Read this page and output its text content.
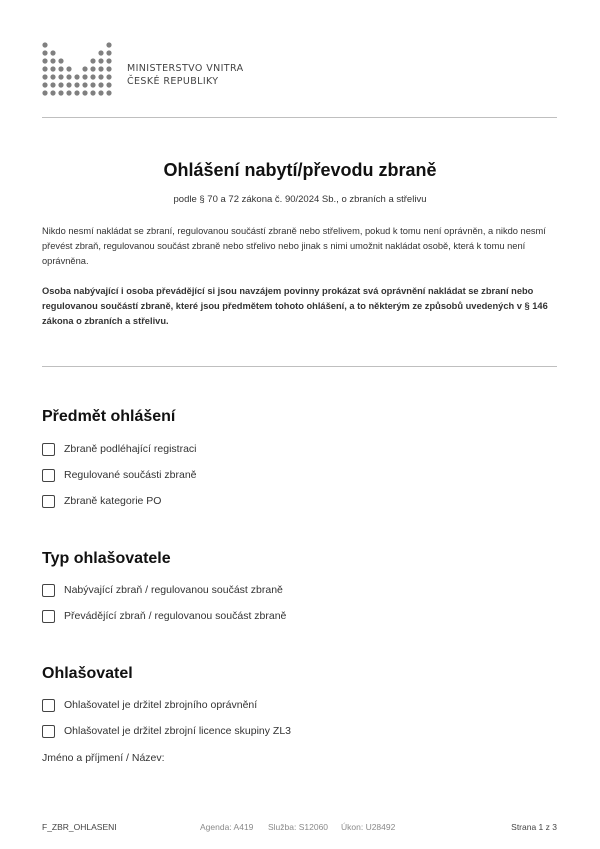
MINISTERSTVO VNITRA
ČESKÉ REPUBLIKY
Ohlášení nabytí/převodu zbraně
podle § 70 a 72 zákona č. 90/2024 Sb., o zbraních a střelivu
Nikdo nesmí nakládat se zbraní, regulovanou součástí zbraně nebo střelivem, pokud k tomu není oprávněn, a nikdo nesmí převést zbraň, regulovanou součást zbraně nebo střelivo nebo jinak s nimi umožnit nakládat osobě, která k tomu není oprávněna.
Osoba nabývající i osoba převádějící si jsou navzájem povinny prokázat svá oprávnění nakládat se zbraní nebo regulovanou součástí zbraně, které jsou předmětem tohoto ohlášení, a to některým ze způsobů uvedených v § 146 zákona o zbraních a střelivu.
Předmět ohlášení
Zbraně podléhající registraci
Regulované součásti zbraně
Zbraně kategorie PO
Typ ohlašovatele
Nabývající zbraň / regulovanou součást zbraně
Převádějící zbraň / regulovanou součást zbraně
Ohlašovatel
Ohlašovatel je držitel zbrojního oprávnění
Ohlašovatel je držitel zbrojní licence skupiny ZL3
Jméno a příjmení / Název:
F_ZBR_OHLASENI	Agenda: A419 Služba: S12060 Úkon: U28492	Strana 1 z 3
